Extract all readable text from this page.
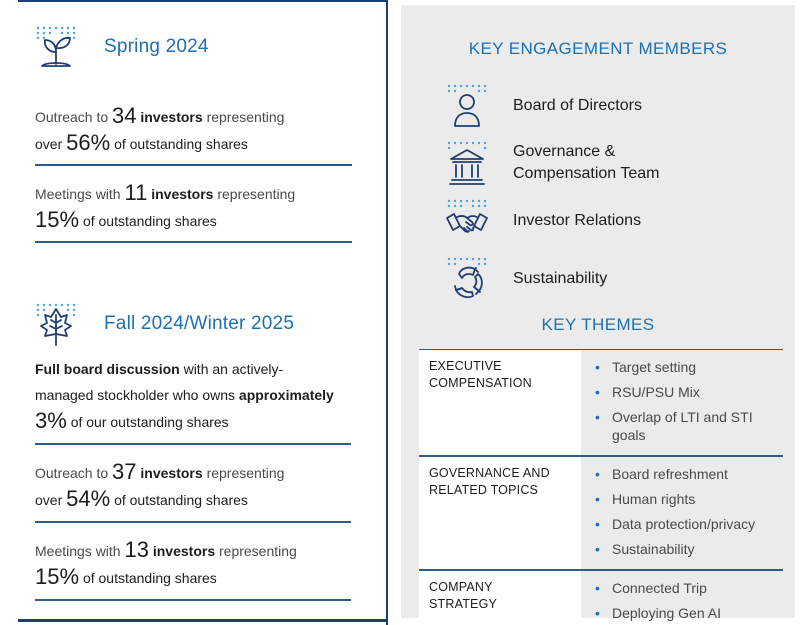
Spring 2024
Outreach to 34 investors representing
over 56% of outstanding shares
Meetings with 11 investors representing
15% of outstanding shares
Fall 2024/Winter 2025
Full board discussion with an actively-
managed stockholder who owns approximately
3% of our outstanding shares
Outreach to 37 investors representing
over 54% of outstanding shares
Meetings with 13 investors representing
15% of outstanding shares
KEY ENGAGEMENT MEMBERS
Board of Directors
Governance &
Compensation Team
Investor Relations
Sustainability
KEY THEMES
EXECUTIVE
COMPENSATION
• Target setting
• RSU/PSU Mix
• Overlap of LTI and STI goals
GOVERNANCE AND
RELATED TOPICS
• Board refreshment
• Human rights
• Data protection/privacy
• Sustainability
COMPANY
STRATEGY
• Connected Trip
• Deploying Gen AI
